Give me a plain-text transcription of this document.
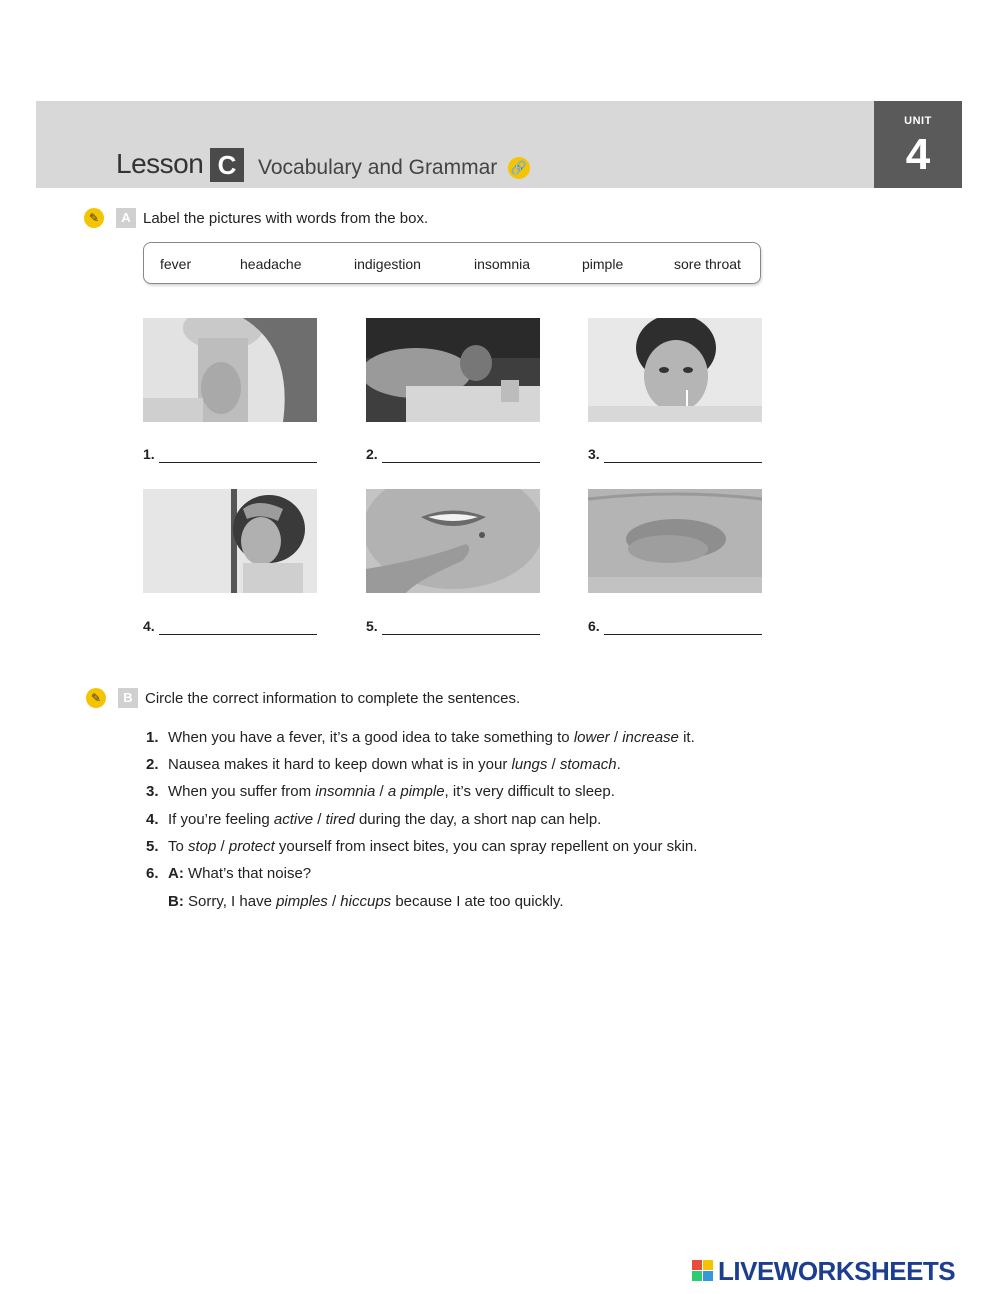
Lesson C	Vocabulary and Grammar 🔗
UNIT
4
✎	A Label the pictures with words from the box.
fever	headache	indigestion	insomnia	pimple	sore throat
1.	2.	3.
4.	5.	6.
✎	B Circle the correct information to complete the sentences.
1. When you have a fever, it’s a good idea to take something to lower / increase it.
2. Nausea makes it hard to keep down what is in your lungs / stomach.
3. When you suffer from insomnia / a pimple, it’s very difficult to sleep.
4. If you’re feeling active / tired during the day, a short nap can help.
5. To stop / protect yourself from insect bites, you can spray repellent on your skin.
6. A: What’s that noise?
B: Sorry, I have pimples / hiccups because I ate too quickly.
LIVEWORKSHEETS
